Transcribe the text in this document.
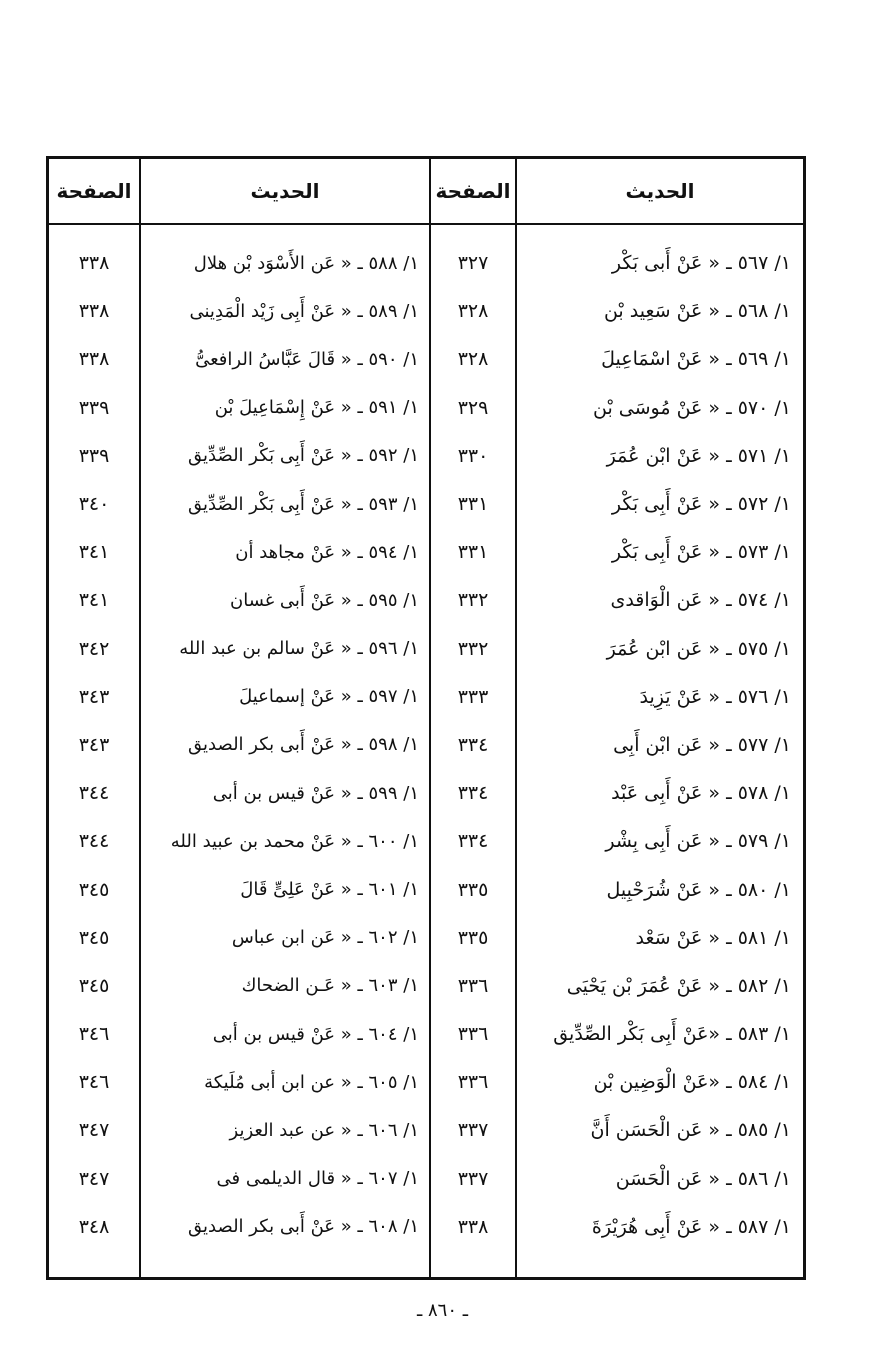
الصفحة
٣٣٨
٣٣٨
٣٣٨
٣٣٩
٣٣٩
٣٤٠
٣٤١
٣٤١
٣٤٢
٣٤٣
٣٤٣
٣٤٤
٣٤٤
٣٤٥
٣٤٥
٣٤٥
٣٤٦
٣٤٦
٣٤٧
٣٤٧
٣٤٨
الحديث
١/ ٥٨٨ ـ « عَن الأَسْوَد بْن هلال
١/ ٥٨٩ ـ « عَنْ أَبِى زَيْد الْمَدِينى
١/ ٥٩٠ ـ « قَالَ عَبَّاسُ الرافعىُّ
١/ ٥٩١ ـ « عَنْ إِسْمَاعِيلَ بْن
١/ ٥٩٢ ـ « عَنْ أَبِى بَكْر الصِّدِّيق
١/ ٥٩٣ ـ « عَنْ أَبِى بَكْر الصِّدِّيق
١/ ٥٩٤ ـ « عَنْ مجاهد أن
١/ ٥٩٥ ـ « عَنْ أَبى غسان
١/ ٥٩٦ ـ « عَنْ سالم بن عبد الله
١/ ٥٩٧ ـ « عَنْ إسماعيلَ
١/ ٥٩٨ ـ « عَنْ أَبى بكر الصديق
١/ ٥٩٩ ـ « عَنْ قيس بن أبى
١/ ٦٠٠ ـ « عَنْ محمد بن عبيد الله
١/ ٦٠١ ـ « عَنْ عَلِىٍّ قَالَ
١/ ٦٠٢ ـ « عَن ابن عباس
١/ ٦٠٣ ـ « عَـن الضحاك
١/ ٦٠٤ ـ « عَنْ قيس بن أبى
١/ ٦٠٥ ـ « عن ابن أبى مُلَيكة
١/ ٦٠٦ ـ « عن عبد العزيز
١/ ٦٠٧ ـ « قال الديلمى فى
١/ ٦٠٨ ـ « عَنْ أَبى بكر الصديق
الصفحة
٣٢٧
٣٢٨
٣٢٨
٣٢٩
٣٣٠
٣٣١
٣٣١
٣٣٢
٣٣٢
٣٣٣
٣٣٤
٣٣٤
٣٣٤
٣٣٥
٣٣٥
٣٣٦
٣٣٦
٣٣٦
٣٣٧
٣٣٧
٣٣٨
الحديث
١/ ٥٦٧ ـ « عَنْ أَبى بَكْر
١/ ٥٦٨ ـ « عَنْ سَعِيد بْن
١/ ٥٦٩ ـ « عَنْ اسْمَاعِيلَ
١/ ٥٧٠ ـ « عَنْ مُوسَى بْن
١/ ٥٧١ ـ « عَنْ ابْن عُمَرَ
١/ ٥٧٢ ـ « عَنْ أَبِى بَكْر
١/ ٥٧٣ ـ « عَنْ أَبِى بَكْر
١/ ٥٧٤ ـ « عَن الْوَاقدى
١/ ٥٧٥ ـ « عَن ابْن عُمَرَ
١/ ٥٧٦ ـ « عَنْ يَزِيدَ
١/ ٥٧٧ ـ « عَن ابْن أَبِى
١/ ٥٧٨ ـ « عَنْ أَبِى عَبْد
١/ ٥٧٩ ـ « عَن أَبِى بِشْر
١/ ٥٨٠ ـ « عَنْ شُرَحْبِيل
١/ ٥٨١ ـ « عَنْ سَعْد
١/ ٥٨٢ ـ « عَنْ عُمَرَ بْن يَحْيَى
١/ ٥٨٣ ـ «عَنْ أَبِى بَكْر الصِّدِّيق
١/ ٥٨٤ ـ «عَنْ الْوَضِين بْن
١/ ٥٨٥ ـ « عَن الْحَسَن أَنَّ
١/ ٥٨٦ ـ « عَن الْحَسَن
١/ ٥٨٧ ـ « عَنْ أَبِى هُرَيْرَةَ
ـ ٨٦٠ ـ
